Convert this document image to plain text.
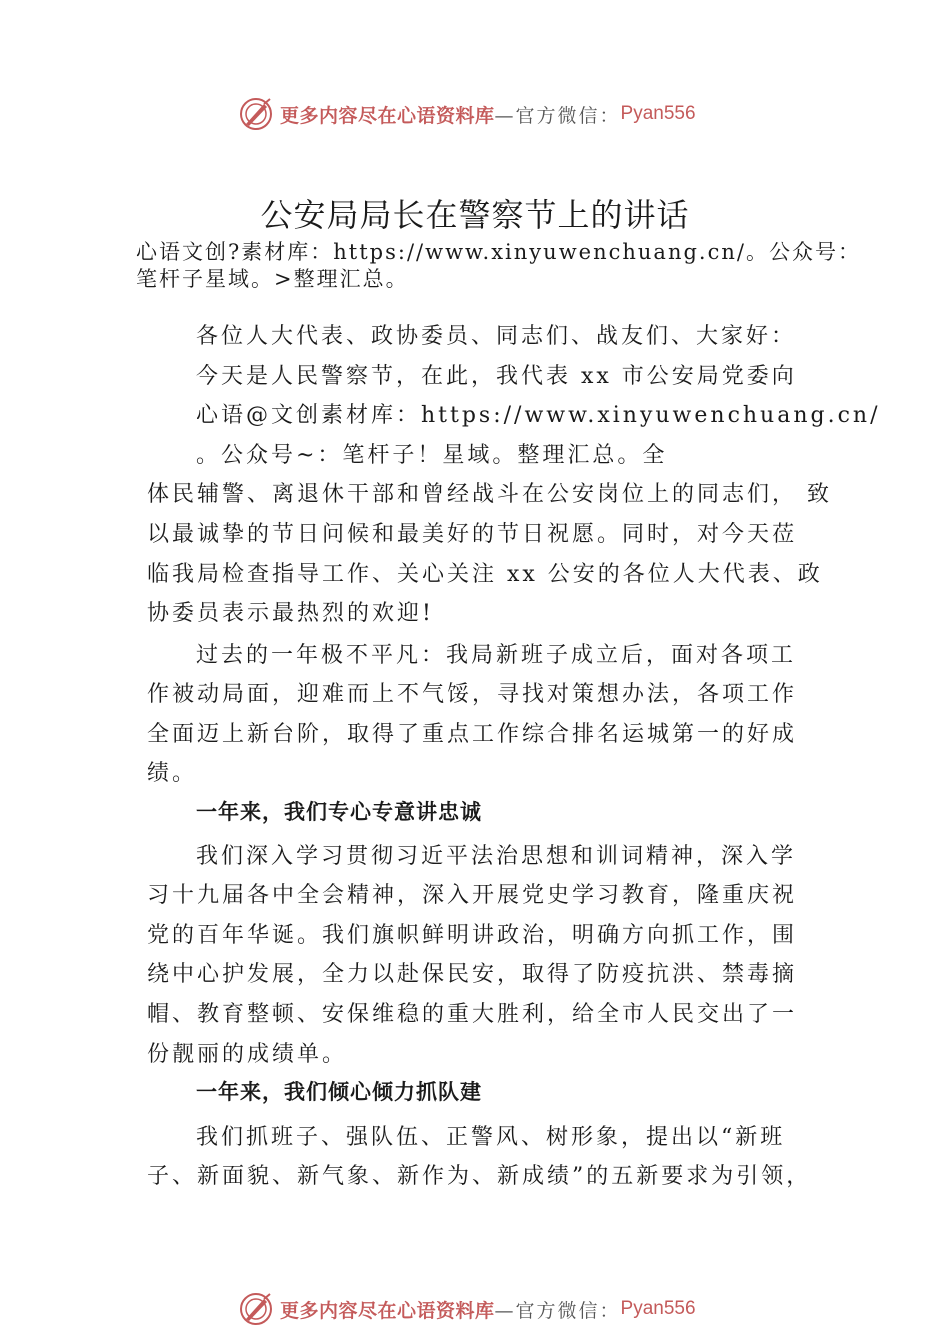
更多内容尽在心语资料库 —官方微信： Pyan556
公安局局长在警察节上的讲话
心语文创?素材库：https://www.xinyuwenchuang.cn/。公众号：
笔杆子星域。>整理汇总。
各位人大代表、政协委员、同志们、战友们、大家好：
今天是人民警察节，在此，我代表 xx 市公安局党委向
心语@文创素材库：https://www.xinyuwenchuang.cn/
。公众号~：笔杆子！星域。整理汇总。全
体民辅警、离退休干部和曾经战斗在公安岗位上的同志们， 致
以最诚挚的节日问候和最美好的节日祝愿。同时，对今天莅
临我局检查指导工作、关心关注 xx 公安的各位人大代表、政
协委员表示最热烈的欢迎!
过去的一年极不平凡：我局新班子成立后，面对各项工
作被动局面，迎难而上不气馁，寻找对策想办法，各项工作
全面迈上新台阶，取得了重点工作综合排名运城第一的好成
绩。
一年来，我们专心专意讲忠诚
我们深入学习贯彻习近平法治思想和训词精神，深入学
习十九届各中全会精神，深入开展党史学习教育，隆重庆祝
党的百年华诞。我们旗帜鲜明讲政治，明确方向抓工作，围
绕中心护发展，全力以赴保民安，取得了防疫抗洪、禁毒摘
帽、教育整顿、安保维稳的重大胜利，给全市人民交出了一
份靓丽的成绩单。
一年来，我们倾心倾力抓队建
我们抓班子、强队伍、正警风、树形象，提出以“新班
子、新面貌、新气象、新作为、新成绩”的五新要求为引领，
更多内容尽在心语资料库 —官方微信： Pyan556
